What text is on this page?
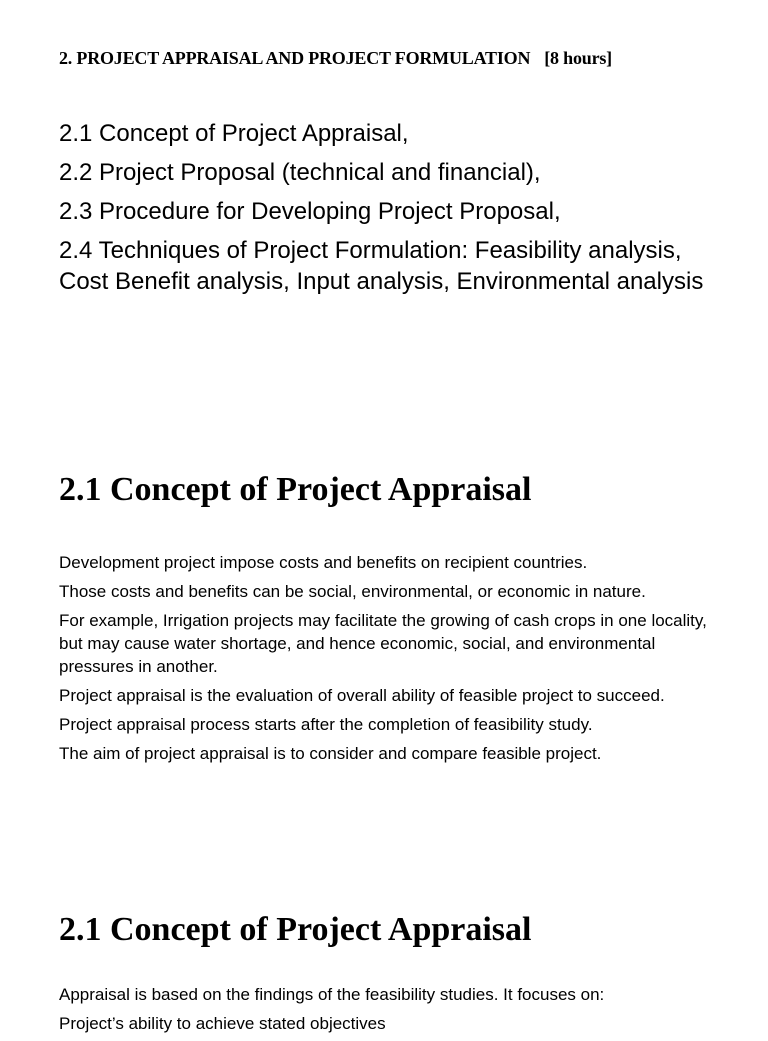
2. PROJECT APPRAISAL AND PROJECT FORMULATION [8 hours]
2.1 Concept of Project Appraisal,
2.2 Project Proposal (technical and financial),
2.3 Procedure for Developing Project Proposal,
2.4 Techniques of Project Formulation: Feasibility analysis, Cost Benefit analysis, Input analysis, Environmental analysis
2.1 Concept of Project Appraisal

Development project impose costs and benefits on recipient countries.

Those costs and benefits can be social, environmental, or economic in nature.

For example, Irrigation projects may facilitate the growing of cash crops in one locality, but may cause water shortage, and hence economic, social, and environmental pressures in another.

Project appraisal is the evaluation of overall ability of feasible project to succeed.

Project appraisal process starts after the completion of feasibility study.

The aim of project appraisal is to consider and compare feasible project.

2.1 Concept of Project Appraisal

Appraisal is based on the findings of the feasibility studies. It focuses on:

Project’s ability to achieve stated objectives
